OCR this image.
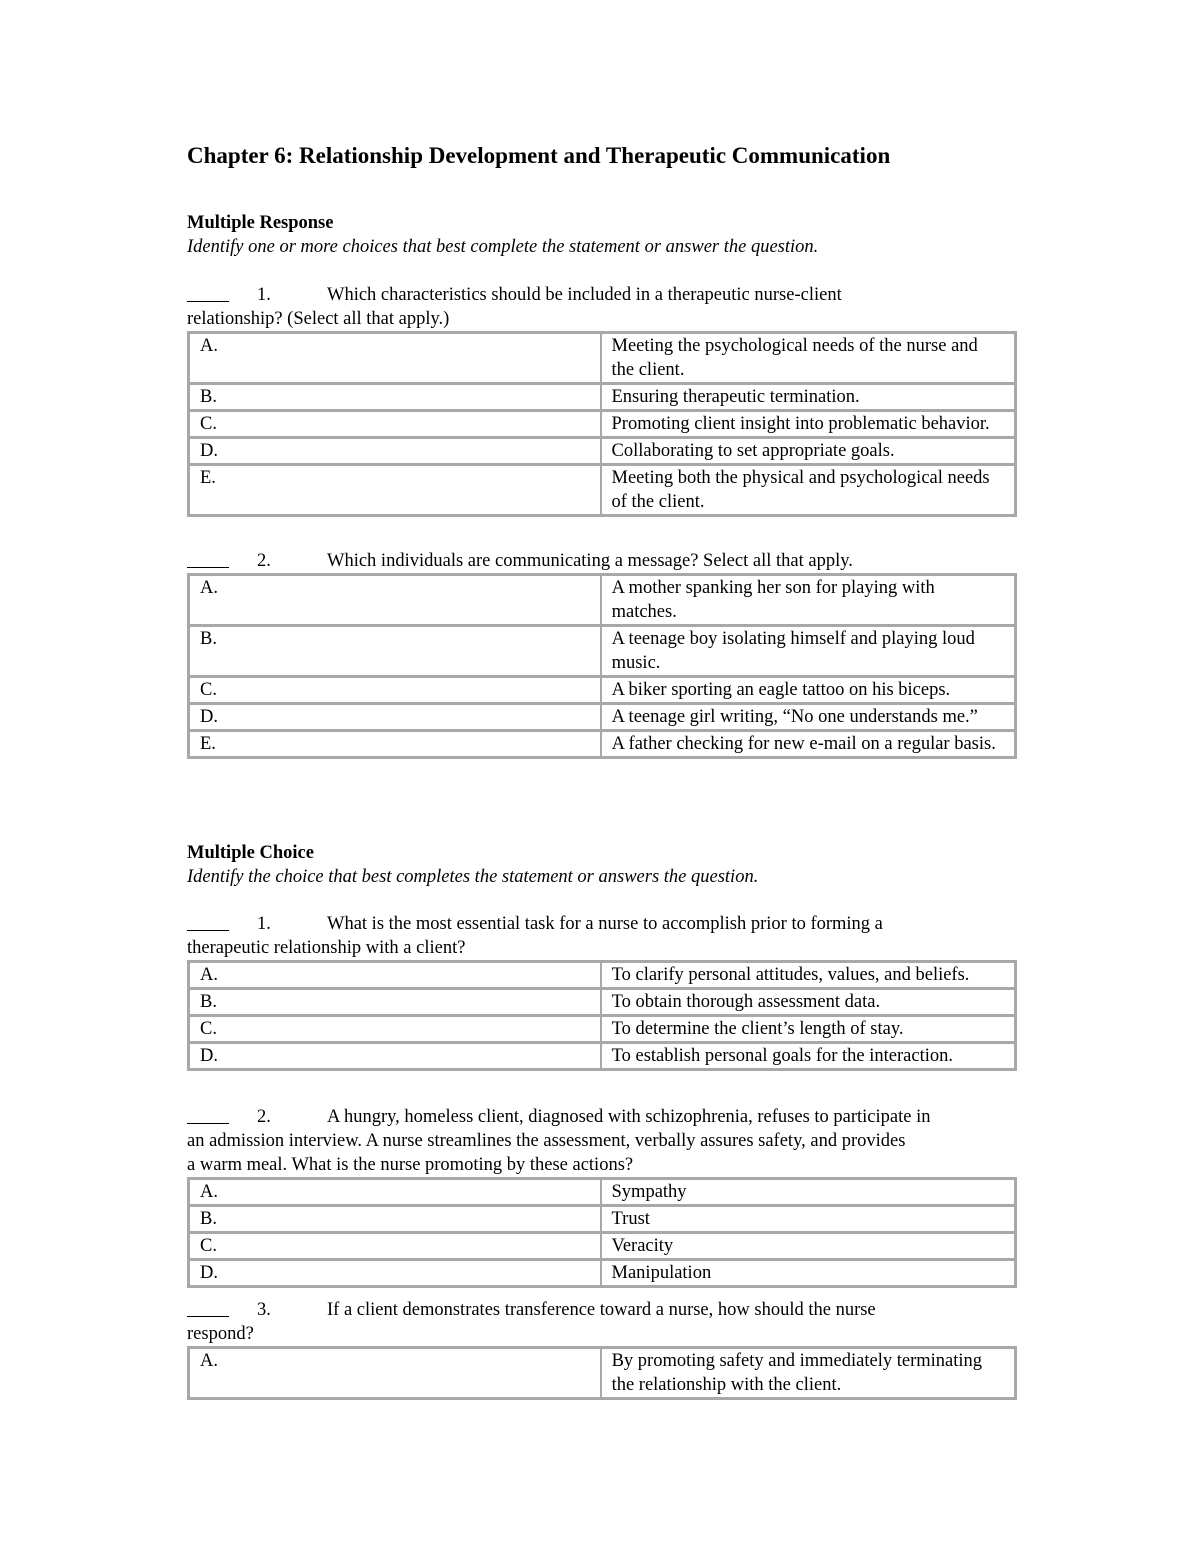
Chapter 6: Relationship Development and Therapeutic Communication

Multiple Response

Identify one or more choices that best complete the statement or answer the question.

1.	Which characteristics should be included in a therapeutic nurse-client
relationship? (Select all that apply.)
A.	Meeting the psychological needs of the nurse and the client.
B.	Ensuring therapeutic termination.
C.	Promoting client insight into problematic behavior.
D.	Collaborating to set appropriate goals.
E.	Meeting both the physical and psychological needs of the client.
2.	Which individuals are communicating a message? Select all that apply.
A.	A mother spanking her son for playing with matches.
B.	A teenage boy isolating himself and playing loud music.
C.	A biker sporting an eagle tattoo on his biceps.
D.	A teenage girl writing, “No one understands me.”
E.	A father checking for new e-mail on a regular basis.

Multiple Choice

Identify the choice that best completes the statement or answers the question.

1.	What is the most essential task for a nurse to accomplish prior to forming a
therapeutic relationship with a client?
A.	To clarify personal attitudes, values, and beliefs.
B.	To obtain thorough assessment data.
C.	To determine the client’s length of stay.
D.	To establish personal goals for the interaction.
2.	A hungry, homeless client, diagnosed with schizophrenia, refuses to participate in
an admission interview. A nurse streamlines the assessment, verbally assures safety, and provides
a warm meal. What is the nurse promoting by these actions?
A.	Sympathy
B.	Trust
C.	Veracity
D.	Manipulation
3.	If a client demonstrates transference toward a nurse, how should the nurse
respond?
A.	By promoting safety and immediately terminating the relationship with the client.
